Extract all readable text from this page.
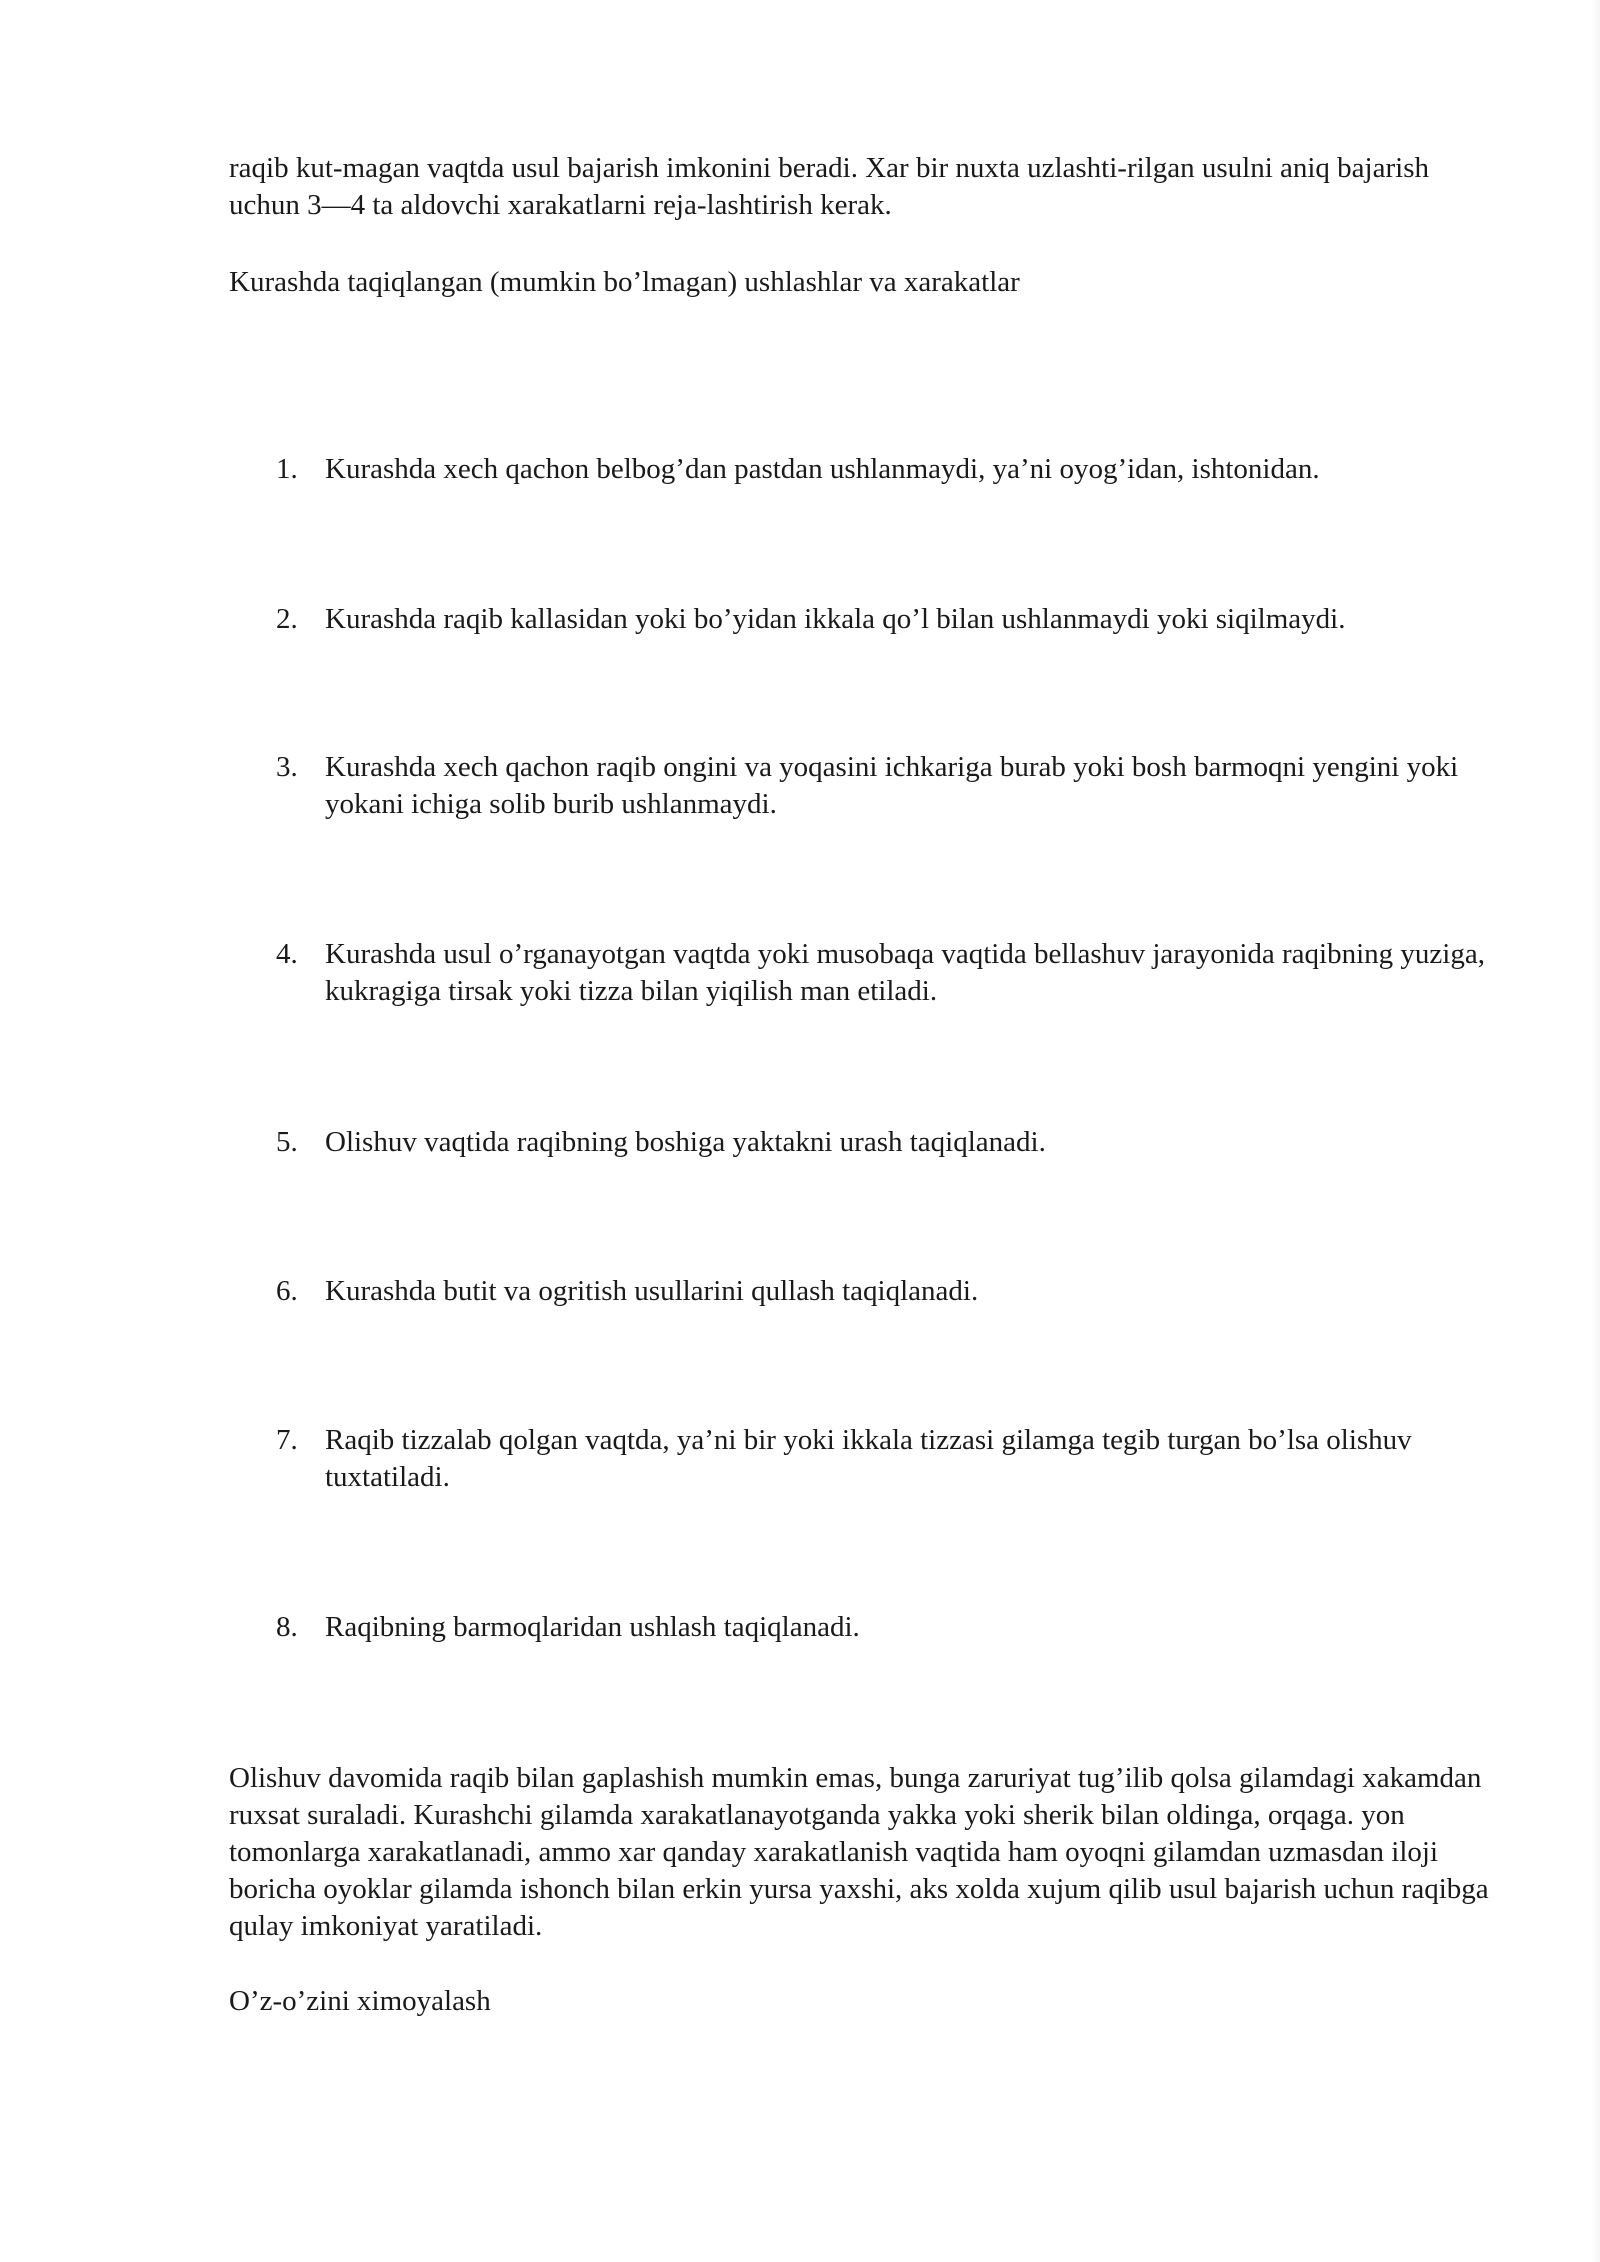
raqib kut-magan vaqtda usul bajarish imkonini beradi. Xar bir nuxta uzlashti-rilgan usulni aniq bajarish uchun 3—4 ta aldovchi xarakatlarni reja-lashtirish kerak.

Kurashda taqiqlangan (mumkin bo’lmagan) ushlashlar va xarakatlar

1. Kurashda xech qachon belbog’dan pastdan ushlanmaydi, ya’ni oyog’idan, ishtonidan.
2. Kurashda raqib kallasidan yoki bo’yidan ikkala qo’l bilan ushlanmaydi yoki siqilmaydi.
3. Kurashda xech qachon raqib ongini va yoqasini ichkariga burab yoki bosh barmoqni yengini yoki yokani ichiga solib burib ushlanmaydi.
4. Kurashda usul o’rganayotgan vaqtda yoki musobaqa vaqtida bellashuv jarayonida raqibning yuziga, kukragiga tirsak yoki tizza bilan yiqilish man etiladi.
5. Olishuv vaqtida raqibning boshiga yaktakni urash taqiqlanadi.
6. Kurashda butit va ogritish usullarini qullash taqiqlanadi.
7. Raqib tizzalab qolgan vaqtda, ya’ni bir yoki ikkala tizzasi gilamga tegib turgan bo’lsa olishuv tuxtatiladi.
8. Raqibning barmoqlaridan ushlash taqiqlanadi.

Olishuv davomida raqib bilan gaplashish mumkin emas, bunga zaruriyat tug’ilib qolsa gilamdagi xakamdan ruxsat suraladi. Kurashchi gilamda xarakatlanayotganda yakka yoki sherik bilan oldinga, orqaga. yon tomonlarga xarakatlanadi, ammo xar qanday xarakatlanish vaqtida ham oyoqni gilamdan uzmasdan iloji boricha oyoklar gilamda ishonch bilan erkin yursa yaxshi, aks xolda xujum qilib usul bajarish uchun raqibga qulay imkoniyat yaratiladi.

O’z-o’zini ximoyalash
